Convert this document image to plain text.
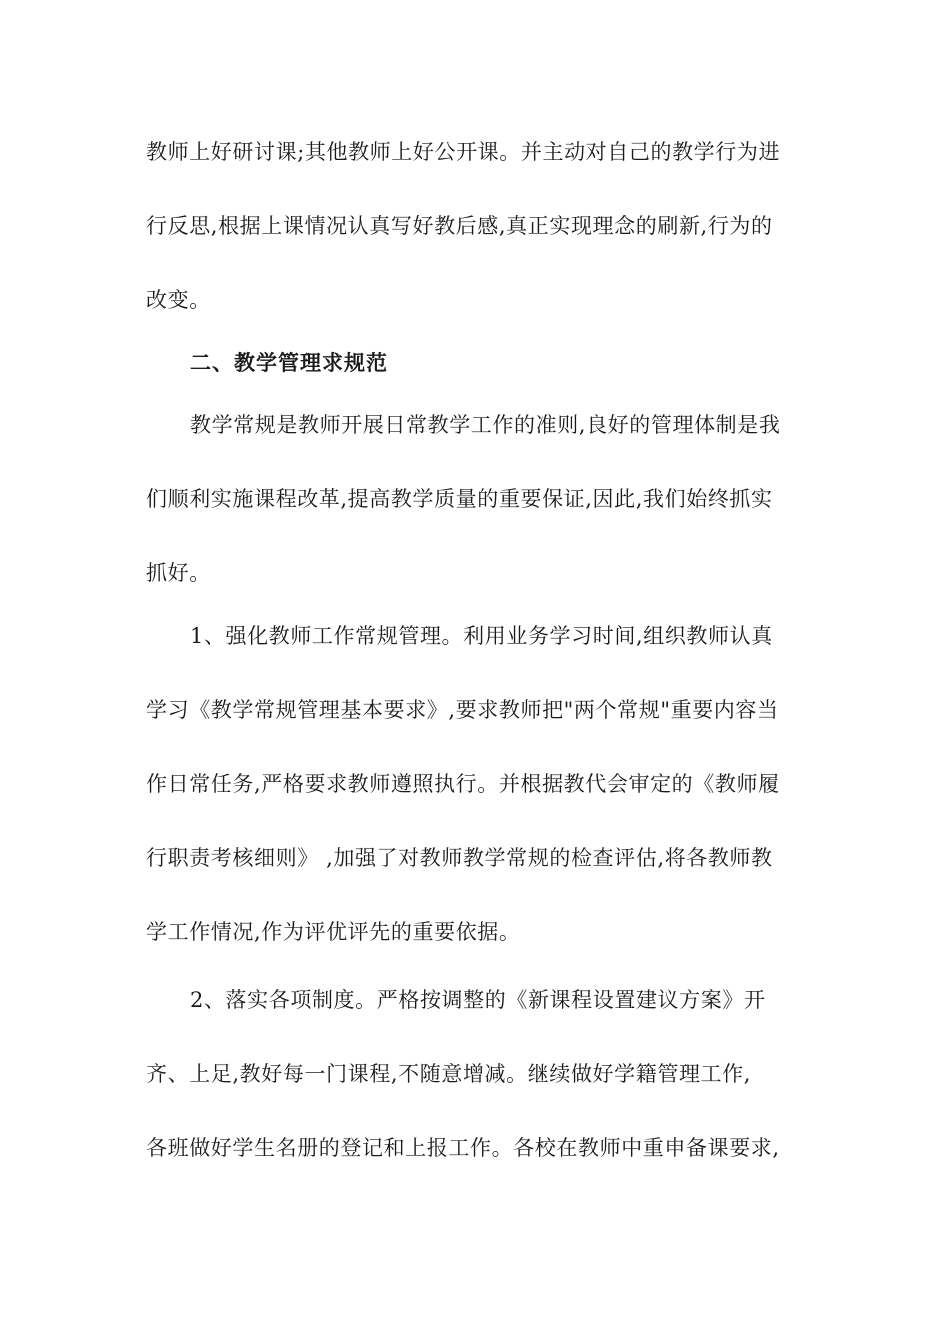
教师上好研讨课;其他教师上好公开课。并主动对自己的教学行为进
行反思,根据上课情况认真写好教后感,真正实现理念的刷新,行为的
改变。
二、教学管理求规范
教学常规是教师开展日常教学工作的准则,良好的管理体制是我
们顺利实施课程改革,提高教学质量的重要保证,因此,我们始终抓实
抓好。
1、强化教师工作常规管理。利用业务学习时间,组织教师认真
学习《教学常规管理基本要求》,要求教师把"两个常规"重要内容当
作日常任务,严格要求教师遵照执行。并根据教代会审定的《教师履
行职责考核细则》 ,加强了对教师教学常规的检查评估,将各教师教
学工作情况,作为评优评先的重要依据。
2、落实各项制度。严格按调整的《新课程设置建议方案》开
齐、上足,教好每一门课程,不随意增减。继续做好学籍管理工作,
各班做好学生名册的登记和上报工作。各校在教师中重申备课要求,
